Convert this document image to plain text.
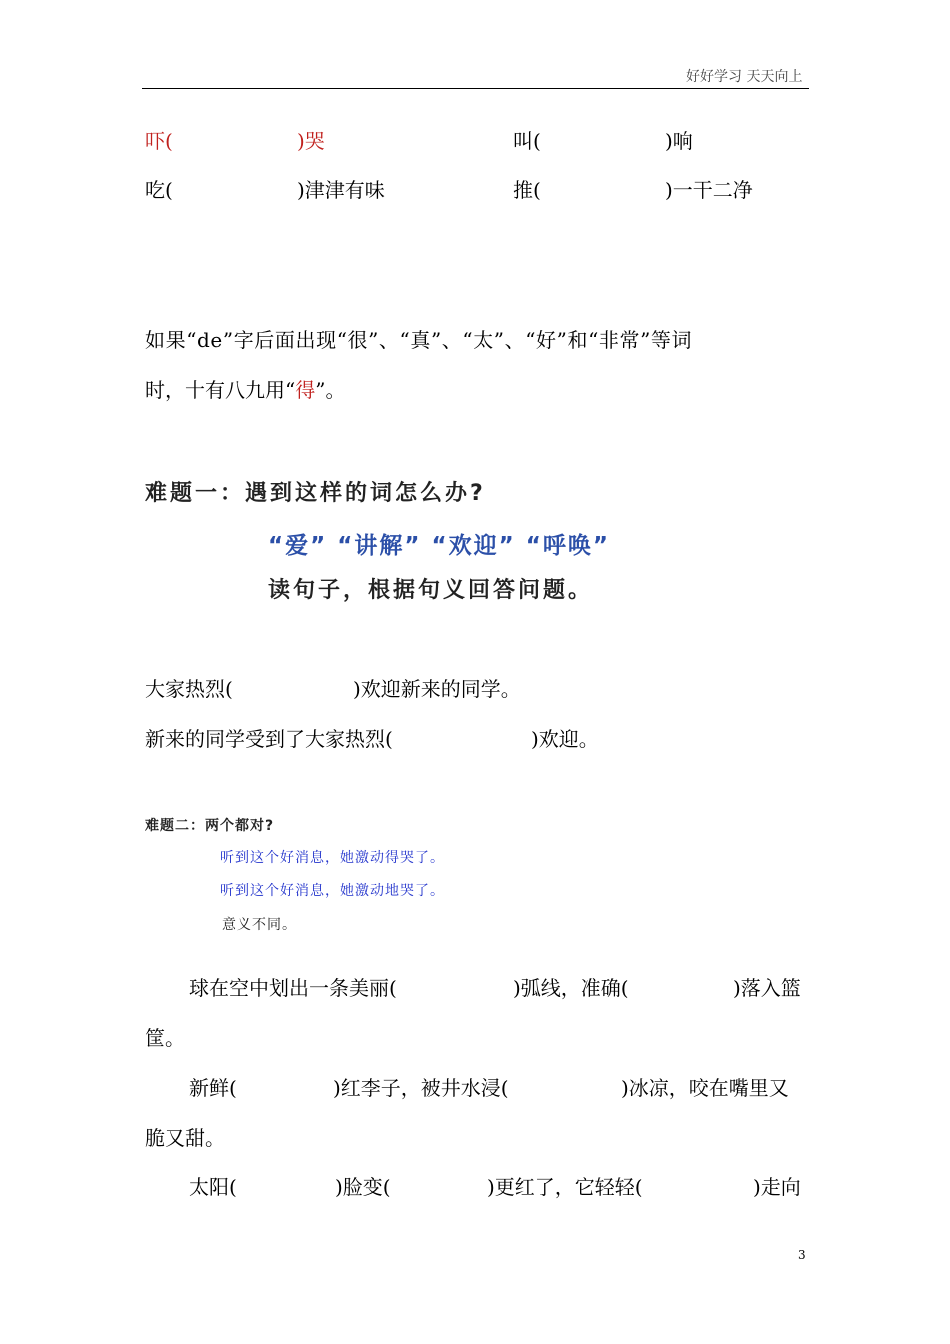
好好学习 天天向上
吓(	)哭	叫(	)响
吃(	)津津有味	推(	)一干二净
如果“de”字后面出现“很”、“真”、“太”、“好”和“非常”等词
时，十有八九用“得”。
难题一：遇到这样的词怎么办?
“爱” “讲解” “欢迎” “呼唤”
读句子，根据句义回答问题。
大家热烈(	)欢迎新来的同学。
新来的同学受到了大家热烈(	)欢迎。
难题二：两个都对?
听到这个好消息，她激动得哭了。
听到这个好消息，她激动地哭了。
意义不同。
球在空中划出一条美丽(	)弧线，准确(	)落入篮
筐。
新鲜(	)红李子，被井水浸(	)冰凉，咬在嘴里又
脆又甜。
太阳(	)脸变(	)更红了，它轻轻(	)走向
3
